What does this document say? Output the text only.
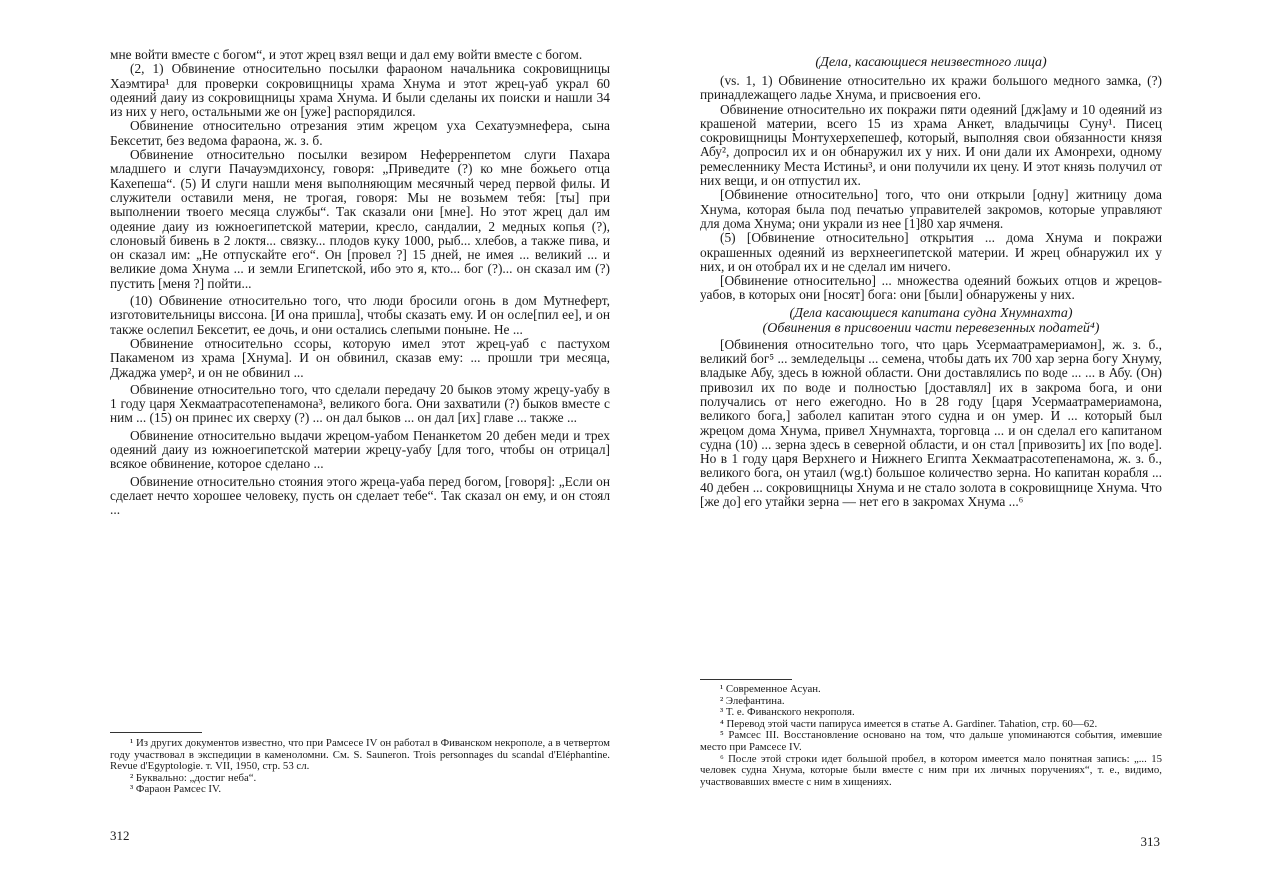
мне войти вместе с богом“, и этот жрец взял вещи и дал ему войти вместе с богом.

(2, 1) Обвинение относительно посылки фараоном начальника сокровищницы Хаэмтира¹ для проверки сокровищницы храма Хнума и этот жрец-уаб украл 60 одеяний даиу из сокровищницы храма Хнума. И были сделаны их поиски и нашли 34 из них у него, остальными же он [уже] распорядился.

Обвинение относительно отрезания этим жрецом уха Сехатуэмнефера, сына Бексетит, без ведома фараона, ж. з. б.

Обвинение относительно посылки везиром Неферренпетом слуги Пахара младшего и слуги Пачауэмдихонсу, говоря: „Приведите (?) ко мне божьего отца Кахепеша“. (5) И слуги нашли меня выполняющим месячный черед первой филы. И служители оставили меня, не трогая, говоря: Мы не возьмем тебя: [ты] при выполнении твоего месяца службы“. Так сказали они [мне]. Но этот жрец дал им одеяние даиу из южноегипетской материи, кресло, сандалии, 2 медных копья (?), слоновый бивень в 2 локтя... связку... плодов куку 1000, рыб... хлебов, а также пива, и он сказал им: „Не отпускайте его“. Он [провел ?] 15 дней, не имея ... великий ... и великие дома Хнума ... и земли Египетской, ибо это я, кто... бог (?)... он сказал им (?) пустить [меня ?] пойти...

(10) Обвинение относительно того, что люди бросили огонь в дом Мутнеферт, изготовительницы виссона. [И она пришла], чтобы сказать ему. И он осле[пил ее], и он также ослепил Бексетит, ее дочь, и они остались слепыми поныне. Не ...

Обвинение относительно ссоры, которую имел этот жрец-уаб с пастухом Пакаменом из храма [Хнума]. И он обвинил, сказав ему: ... прошли три месяца, Джаджа умер², и он не обвинил ...

Обвинение относительно того, что сделали передачу 20 быков этому жрецу-уабу в 1 году царя Хекмаатрасотепенамона³, великого бога. Они захватили (?) быков вместе с ним ... (15) он принес их сверху (?) ... он дал быков ... он дал [их] главе ... также ...

Обвинение относительно выдачи жрецом-уабом Пенанкетом 20 дебен меди и трех одеяний даиу из южноегипетской материи жрецу-уабу [для того, чтобы он отрицал] всякое обвинение, которое сделано ...

Обвинение относительно стояния этого жреца-уаба перед богом, [говоря]: „Если он сделает нечто хорошее человеку, пусть он сделает тебе“. Так сказал он ему, и он стоял ...

¹ Из других документов известно, что при Рамсесе IV он работал в Фиванском некрополе, а в четвертом году участвовал в экспедиции в каменоломни. См. S. Sauneron. Trois personnages du scandal d'Eléphantine. Revue d'Egyptologie. т. VII, 1950, стр. 53 сл.

² Буквально: „достиг неба“.

³ Фараон Рамсес IV.

312
(Дела, касающиеся неизвестного лица)

(vs. 1, 1) Обвинение относительно их кражи большого медного замка, (?) принадлежащего ладье Хнума, и присвоения его.

Обвинение относительно их покражи пяти одеяний [дж]аму и 10 одеяний из крашеной материи, всего 15 из храма Анкет, владычицы Суну¹. Писец сокровищницы Монтухерхепешеф, который, выполняя свои обязанности князя Абу², допросил их и он обнаружил их у них. И они дали их Амонрехи, одному ремесленнику Места Истины³, и они получили их цену. И этот князь получил от них вещи, и он отпустил их.

[Обвинение относительно] того, что они открыли [одну] житницу дома Хнума, которая была под печатью управителей закромов, которые управляют для дома Хнума; они украли из нее [1]80 хар ячменя.

(5) [Обвинение относительно] открытия ... дома Хнума и покражи окрашенных одеяний из верхнеегипетской материи. И жрец обнаружил их у них, и он отобрал их и не сделал им ничего.

[Обвинение относительно] ... множества одеяний божьих отцов и жрецов-уабов, в которых они [носят] бога: они [были] обнаружены у них.

(Дела касающиеся капитана судна Хнумнахта)

(Обвинения в присвоении части перевезенных податей⁴)

[Обвинения относительно того, что царь Усермаатрамериамон], ж. з. б., великий бог⁵ ... земледельцы ... семена, чтобы дать их 700 хар зерна богу Хнуму, владыке Абу, здесь в южной области. Они доставлялись по воде ... ... в Абу. (Он) привозил их по воде и полностью [доставлял] их в закрома бога, и они получались от него ежегодно. Но в 28 году [царя Усермаатрамериамона, великого бога,] заболел капитан этого судна и он умер. И ... который был жрецом дома Хнума, привел Хнумнахта, торговца ... и он сделал его капитаном судна (10) ... зерна здесь в северной области, и он стал [привозить] их [по воде]. Но в 1 году царя Верхнего и Нижнего Египта Хекмаатрасотепенамона, ж. з. б., великого бога, он утаил (wg.t) большое количество зерна. Но капитан корабля ... 40 дебен ... сокровищницы Хнума и не стало золота в сокровищнице Хнума. Что [же до] его утайки зерна — нет его в закромах Хнума ...⁶

¹ Современное Асуан.

² Элефантина.

³ Т. е. Фиванского некрополя.

⁴ Перевод этой части папируса имеется в статье A. Gardiner. Tahation, стр. 60—62.

⁵ Рамсес III. Восстановление основано на том, что дальше упоминаются события, имевшие место при Рамсесе IV.

⁶ После этой строки идет большой пробел, в котором имеется мало понятная запись: „... 15 человек судна Хнума, которые были вместе с ним при их личных поручениях“, т. е., видимо, участвовавших вместе с ним в хищениях.

313
